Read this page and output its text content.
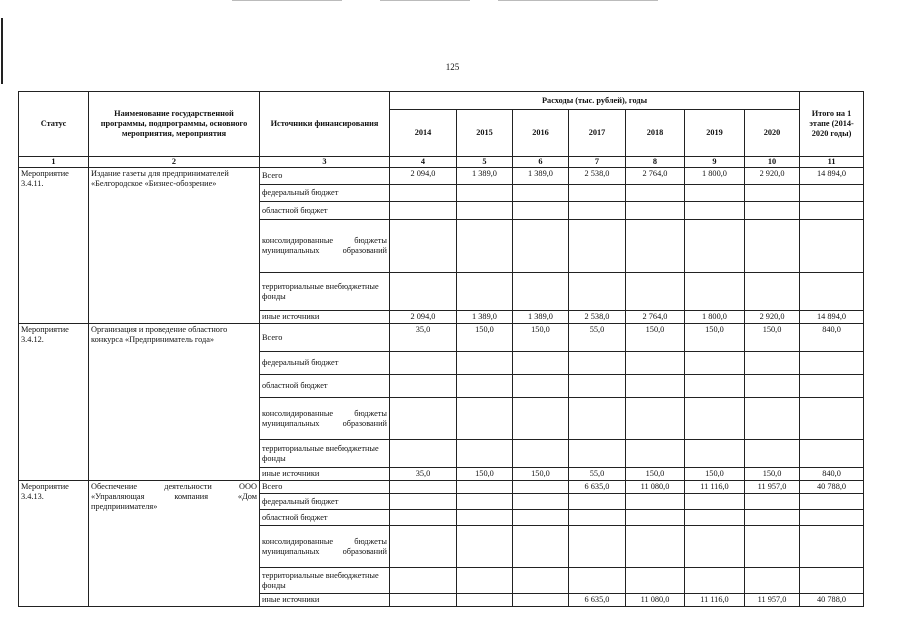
125
Статус	Наименование государственной программы, подпрограммы, основного мероприятия, мероприятия	Источники финансирования	Расходы (тыс. рублей), годы							Итого на 1 этапе (2014-2020 годы)
			2014	2015	2016	2017	2018	2019	2020	
1	2	3	4	5	6	7	8	9	10	11
Мероприятие 3.4.11.	Издание газеты для предпринимателей «Белгородское «Бизнес-обозрение»	Всего	2 094,0	1 389,0	1 389,0	2 538,0	2 764,0	1 800,0	2 920,0	14 894,0
		федеральный бюджет								
		областной бюджет								
		консолидированные бюджеты муниципальных образований								
		территориальные внебюджетные фонды								
		иные источники	2 094,0	1 389,0	1 389,0	2 538,0	2 764,0	1 800,0	2 920,0	14 894,0
Мероприятие 3.4.12.	Организация и проведение областного конкурса «Предприниматель года»	Всего	35,0	150,0	150,0	55,0	150,0	150,0	150,0	840,0
		федеральный бюджет								
		областной бюджет								
		консолидированные бюджеты муниципальных образований								
		территориальные внебюджетные фонды								
		иные источники	35,0	150,0	150,0	55,0	150,0	150,0	150,0	840,0
Мероприятие 3.4.13.	Обеспечение деятельности ООО «Управляющая компания «Дом предпринимателя»	Всего				6 635,0	11 080,0	11 116,0	11 957,0	40 788,0
		федеральный бюджет								
		областной бюджет								
		консолидированные бюджеты муниципальных образований								
		территориальные внебюджетные фонды								
		иные источники				6 635,0	11 080,0	11 116,0	11 957,0	40 788,0
